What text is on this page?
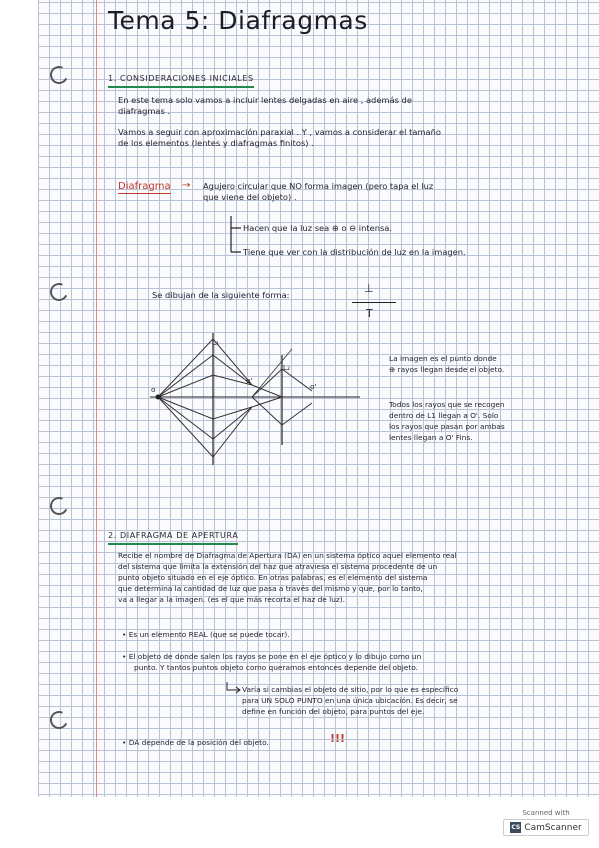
Tema 5: Diafragmas
1. CONSIDERACIONES INICIALES
En este tema solo vamos a incluir lentes delgadas en aire , además de
diafragmas .
Vamos a seguir con aproximación paraxial . Y , vamos a considerar el tamaño
de los elementos (lentes y diafragmas finitos) .
Diafragma → Agujero circular que NO forma imagen (pero tapa el luz
que viene del objeto) .
Hacen que la luz sea ⊕ o ⊖ intensa.
Tiene que ver con la distribución de luz en la imagen.
Se dibujan de la siguiente forma:	⊥
T
o
L₁
o'
L₂
o'
La imagen es el punto donde
⊕ rayos llegan desde el objeto.
Todos los rayos que se recogen
dentro de L1 llegan a O'. Solo
los rayos que pasan por ambas
lentes llegan a O' Fins.
2. DIAFRAGMA DE APERTURA
Recibe el nombre de Diafragma de Apertura (DA) en un sistema óptico aquel elemento real
del sistema que limita la extensión del haz que atraviesa el sistema procedente de un
punto objeto situado en el eje óptico. En otras palabras, es el elemento del sistema
que determina la cantidad de luz que pasa a través del mismo y que, por lo tanto,
va a llegar a la imagen. (es el que más recorta el haz de luz).
• Es un elemento REAL (que se puede tocar).
• El objeto de donde salen los rayos se pone en el eje óptico y lo dibujo como un
punto. Y tantos puntos objeto como queramos entonces depende del objeto.
Varía si cambias el objeto de sitio, por lo que es específico
para UN SOLO PUNTO en una única ubicación. Es decir, se
define en función del objeto, para puntos del eje.
• DA depende de la posición del objeto.	!!!
Scanned with
CS CamScanner
